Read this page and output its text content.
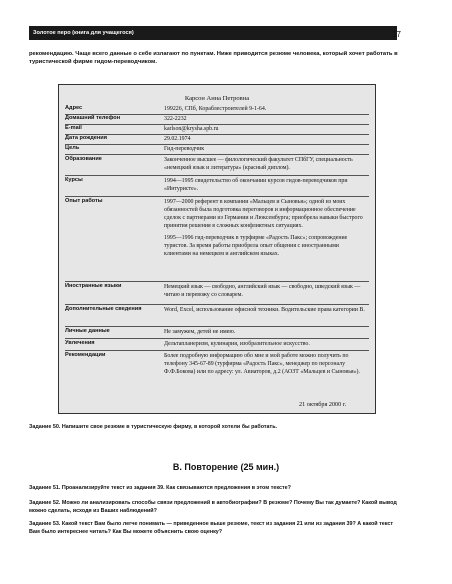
Золотое перо (книга для учащегося)	17
рекомендацию. Чаще всего данные о себе излагают по пунктам. Ниже приводится резюме человека, который хочет работать в туристической фирме гидом-переводчиком.
Карсон Анна Петровна
Адрес	199226, СПб, Кораблестроителей 9-1-64.

Домашний телефон	322-2232

E-mail	karlson@krysha.spb.ru

Дата рождения	29.02.1974

Цель	Гид-переводчик

Образование	Законченное высшее — филологический факультет СПбГУ, специальность «немецкий язык и литература» (красный диплом).

Курсы	1994—1995 свидетельство об окончании курсов гидов-переводчиков при «Интуристе».

Опыт работы	1997—2000 референт в компании «Мальцев и Сыновья»; одной из моих обязанностей была подготовка переговоров и информационное обеспечение сделок с партнерами из Германии и Люксембурга; приобрела навыки быстрого принятия решения в сложных конфликтных ситуациях.

1995—1996 гид-переводчик в турфирме «Радость Пакс»; сопровождение туристов. За время работы приобрела опыт общения с иностранными клиентами на немецком и английском языках.

Иностранные языки	Немецкий язык — свободно, английский язык — свободно, шведский язык — читаю и перевожу со словарем.

Дополнительные сведения	Word, Excel, использование офисной техники. Водительские права категории В.

Личные данные	Не замужем, детей не имею.

Увлечения	Дельтапланеризм, кулинария, изобразительное искусство.

Рекомендации	Более подробную информацию обо мне и мой работе можно получить по телефону 345-67-89 (турфирма «Радость Пакс», менеджер по персоналу Ф.Ф.Бокова) или по адресу: ул. Авиаторов, д.2 (АОЗТ «Мальцев и Сыновья»).

21 октября 2000 г.
Задание 50. Напишите свое резюме в туристическую фирму, в которой хотели бы работать.
В. Повторение (25 мин.)
Задание 51. Проанализируйте текст из задания 39. Как связываются предложения в этом тексте?
Задание 52. Можно ли анализировать способы связи предложений в автобиографии? В резюме? Почему Вы так думаете? Какой вывод можно сделать, исходя из Ваших наблюдений?
Задание 53. Какой текст Вам было легче понимать — приведенное выше резюме, текст из задания 21 или из задания 39? А какой текст Вам было интереснее читать? Как Вы можете объяснить свою оценку?
